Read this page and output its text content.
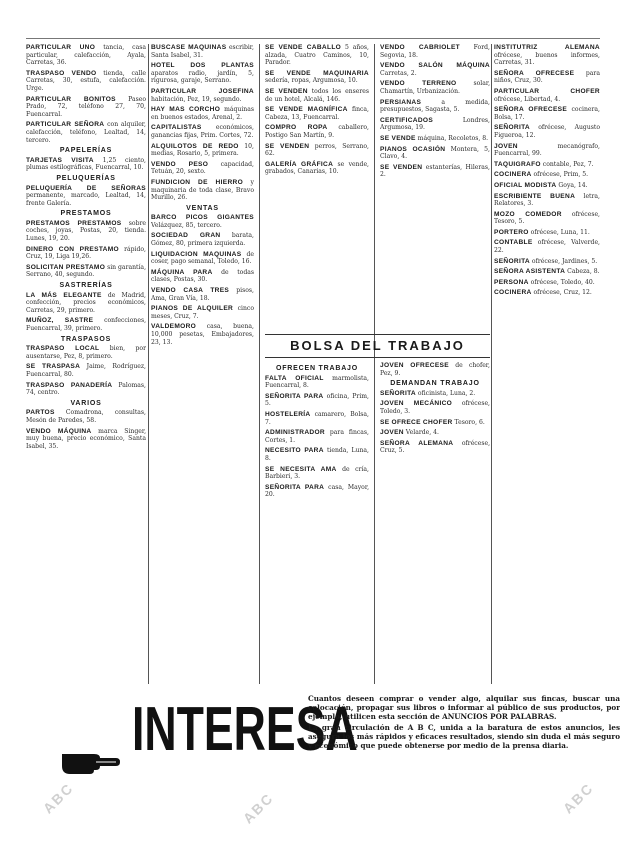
PARTICULAR UNO tancia, casa particular, calefacción, Ayala, Carretas, 36.
TRASPASO VENDO tienda, calle Carretas, 30, estufa, calefacción. Urge.
PARTICULAR BONITOS Paseo Prado, 72, teléfono 27, 70, Fuencarral.
PARTICULAR SEÑORA con alquiler, calefacción, teléfono, Lealtad, 14, tercero.
PAPELERÍAS
TARJETAS VISITA 1,25 ciento, plumas estilográficas, Fuencarral, 10.
PELUQUERÍAS
PELUQUERÍA DE SEÑORAS permanente, marcado, Lealtad, 14, frente Galería.
PRESTAMOS
PRESTAMOS PRESTAMOS sobre coches, joyas, Postas, 20, tienda. Lunes, 19, 20.
DINERO CON PRESTAMO rápido, Cruz, 19, Liga 19,26.
SOLICITAN PRESTAMO sin garantía, Serrano, 40, segundo.
SASTRERÍAS
LA MÁS ELEGANTE de Madrid, confección, precios económicos, Carretas, 29, primero.
MUÑOZ, SASTRE confecciones, Fuencarral, 39, primero.
TRASPASOS
TRASPASO LOCAL bien, por ausentarse, Pez, 8, primero.
SE TRASPASA Jaime, Rodríguez, Fuencarral, 80.
TRASPASO PANADERÍA Palomas, 74, centro.
VARIOS
PARTOS Comadrona, consultas, Mesón de Paredes, 58.
VENDO MÁQUINA marca Singer, muy buena, precio económico, Santa Isabel, 35.
BUSCASE MÁQUINAS escribir, Santa Isabel, 31.
HOTEL DOS PLANTAS aparatos radio, jardín, 5, rigurosa, garaje, Serrano.
PARTICULAR JOSEFINA habitación, Pez, 19, segundo.
HAY MAS CORCHO máquinas en buenos estados, Arenal, 2.
CAPITALISTAS económicos, ganancias fijas, Prim. Cortes, 72.
ALQUILOTOS DE REDO 10, medias, Rosario, 5, primera.
VENDO PESO capacidad, Tetuán, 20, sexto.
FUNDICION DE HIERRO y maquinaria de toda clase, Bravo Murillo, 26.
VENTAS
BARCO PICOS GIGANTES Velázquez, 85, tercero.
SOCIEDAD GRAN barata, Gómez, 80, primera izquierda.
LIQUIDACION MAQUINAS de coser, pago semanal, Toledo, 16.
MÁQUINA PARA de todas clases, Postas, 30.
VENDO CASA TRES pisos, Ama, Gran Vía, 18.
PIANOS DE ALQUILER cinco meses, Cruz, 7.
VALDEMORO casa, buena, 10,000 pesetas, Embajadores, 23, 13.
SE VENDE CABALLO 5 años, alzada, Cuatro Caminos, 10, Parador.
SE VENDE MAQUINARIA sedería, ropas, Argumosa, 10.
SE VENDEN todos los enseres de un hotel, Alcalá, 146.
SE VENDE MAGNÍFICA finca, Cabeza, 13, Fuencarral.
COMPRO ROPA caballero, Postigo San Martín, 9.
SE VENDEN perros, Serrano, 62.
GALERÍA GRÁFICA se vende, grabados, Canarias, 10.
VENDO CABRIOLET Ford, Segovia, 18.
VENDO SALÓN MÁQUINA Carretas, 2.
VENDO TERRENO solar, Chamartín, Urbanización.
PERSIANAS a medida, presupuestos, Sagasta, 5.
CERTIFICADOS Londres, Argumosa, 19.
SE VENDE máquina, Recoletos, 8.
PIANOS OCASIÓN Montera, 5, Clavo, 4.
SE VENDEN estanterías, Hileras, 2.
INSTITUTRIZ ALEMANA ofrécese, buenos informes, Carretas, 31.
SEÑORA OFRECESE para niños, Cruz, 30.
PARTICULAR CHOFER ofrécese, Libertad, 4.
SEÑORA OFRECESE cocinera, Bolsa, 17.
SEÑORITA ofrécese, Augusto Figueroa, 12.
JOVEN mecanógrafo, Fuencarral, 99.
TAQUIGRAFO contable, Pez, 7.
COCINERA ofrécese, Prim, 5.
OFICIAL MODISTA Goya, 14.
ESCRIBIENTE BUENA letra, Relatores, 3.
MOZO COMEDOR ofrécese, Tesoro, 5.
PORTERO ofrécese, Luna, 11.
CONTABLE ofrécese, Valverde, 22.
SEÑORITA ofrécese, Jardines, 5.
SEÑORA ASISTENTA Cabeza, 8.
PERSONA ofrécese, Toledo, 40.
COCINERA ofrécese, Cruz, 12.
BOLSA DEL TRABAJO
OFRECEN TRABAJO
FALTA OFICIAL marmolista, Fuencarral, 8.
SEÑORITA PARA oficina, Prim, 5.
HOSTELERÍA camarero, Bolsa, 7.
ADMINISTRADOR para fincas, Cortes, 1.
NECESITO PARA tienda, Luna, 8.
SE NECESITA AMA de cría, Barbieri, 3.
SEÑORITA PARA casa, Mayor, 20.
JOVEN OFRÉCESE de chofer, Pez, 9.
DEMANDAN TRABAJO
SEÑORITA oficinista, Luna, 2.
JOVEN MECÁNICO ofrécese, Toledo, 3.
SE OFRECE CHOFER Tesoro, 6.
JOVEN Velarde, 4.
SEÑORA ALEMANA ofrécese, Cruz, 5.
INTERESA
Cuantos deseen comprar o vender algo, alquilar sus fincas, buscar una colocación, propagar sus libros o informar al público de sus productos, por ejemplo, utilicen esta sección de ANUNCIOS POR PALABRAS.
La gran circulación de A B C, unida a la baratura de estos anuncios, les asegura los más rápidos y eficaces resultados, siendo sin duda el más seguro y económico que puede obtenerse por medio de la prensa diaria.
ABC	ABC	ABC
